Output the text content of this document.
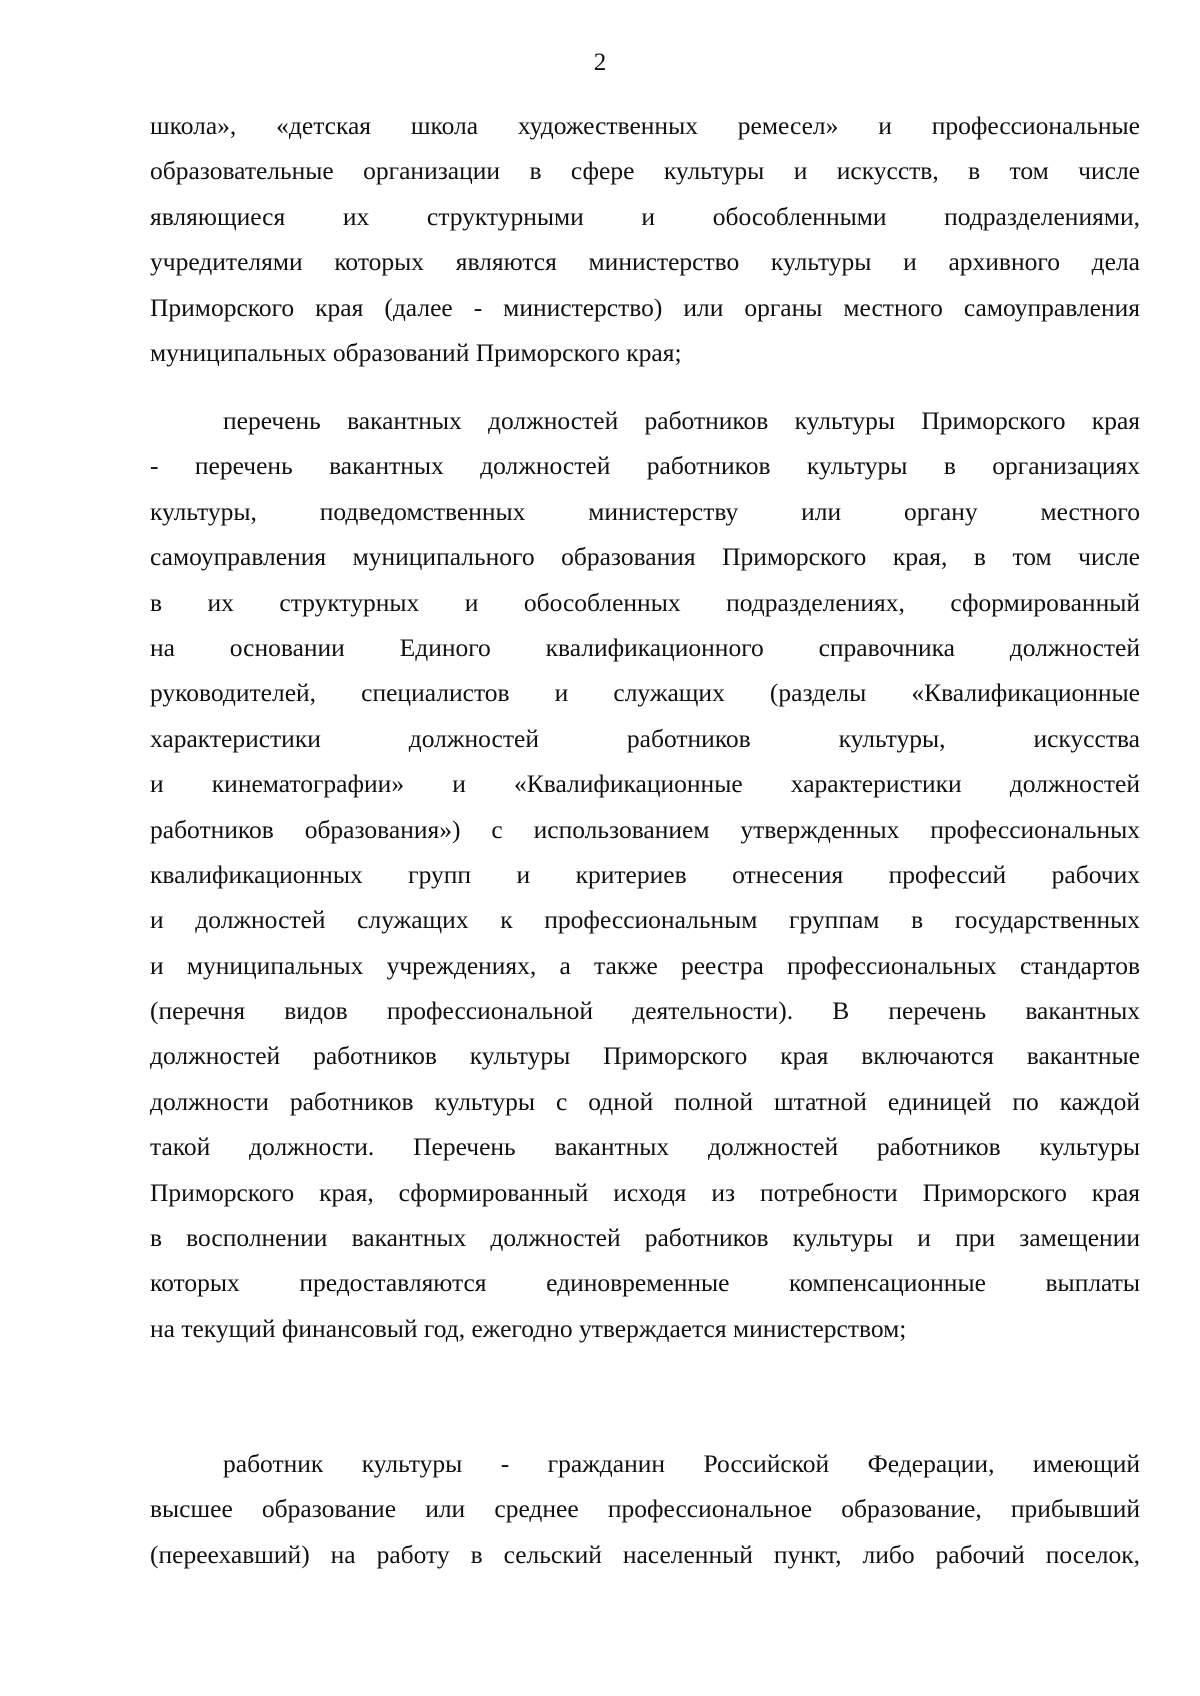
2
школа», «детская школа художественных ремесел» и профессиональные
образовательные организации в сфере культуры и искусств, в том числе
являющиеся их структурными и обособленными подразделениями,
учредителями которых являются министерство культуры и архивного дела
Приморского края (далее - министерство) или органы местного самоуправления
муниципальных образований Приморского края;
перечень вакантных должностей работников культуры Приморского края
- перечень вакантных должностей работников культуры в организациях
культуры, подведомственных министерству или органу местного
самоуправления муниципального образования Приморского края, в том числе
в их структурных и обособленных подразделениях, сформированный
на основании Единого квалификационного справочника должностей
руководителей, специалистов и служащих (разделы «Квалификационные
характеристики должностей работников культуры, искусства
и кинематографии» и «Квалификационные характеристики должностей
работников образования») с использованием утвержденных профессиональных
квалификационных групп и критериев отнесения профессий рабочих
и должностей служащих к профессиональным группам в государственных
и муниципальных учреждениях, а также реестра профессиональных стандартов
(перечня видов профессиональной деятельности). В перечень вакантных
должностей работников культуры Приморского края включаются вакантные
должности работников культуры с одной полной штатной единицей по каждой
такой должности. Перечень вакантных должностей работников культуры
Приморского края, сформированный исходя из потребности Приморского края
в восполнении вакантных должностей работников культуры и при замещении
которых предоставляются единовременные компенсационные выплаты
на текущий финансовый год, ежегодно утверждается министерством;
работник культуры - гражданин Российской Федерации, имеющий
высшее образование или среднее профессиональное образование, прибывший
(переехавший) на работу в сельский населенный пункт, либо рабочий поселок,
